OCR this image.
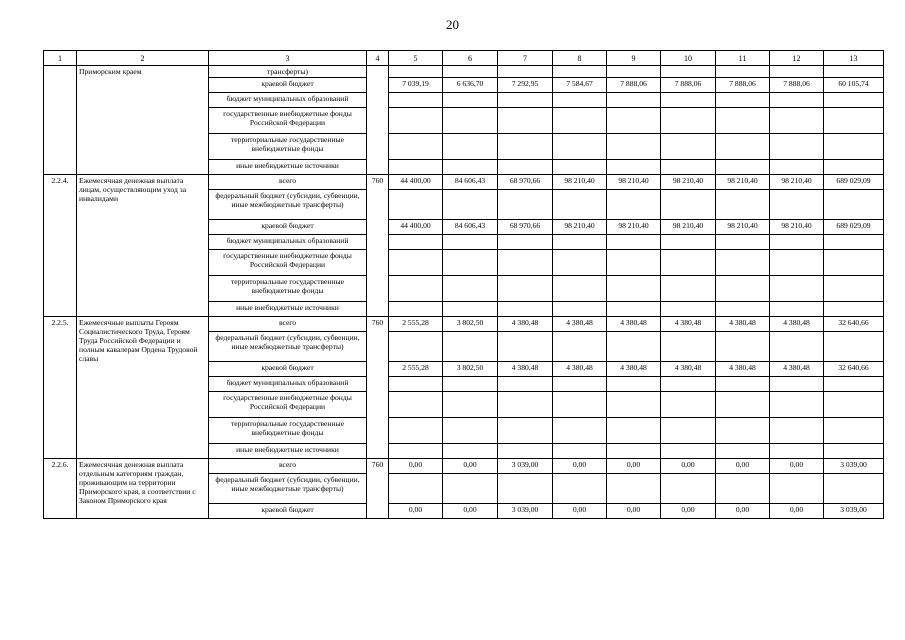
20
1	2	3	4	5	6	7	8	9	10	11	12	13
	Приморским краем	трансферты)										
		краевой бюджет		7 039,19	6 636,70	7 292,95	7 584,67	7 888,06	7 888,06	7 888,06	7 888,06	60 105,74
		бюджет муниципальных образований										
		государственные внебюджетные фонды Российской Федерации										
		территориальные государственные внебюджетные фонды										
		иные внебюджетные источники										
2.2.4.	Ежемесячная денежная выплата лицам, осуществляющим уход за инвалидами	всего	760	44 400,00	84 606,43	68 970,66	98 210,40	98 210,40	98 210,40	98 210,40	98 210,40	689 029,09
		федеральный бюджет (субсидии, субвенции, иные межбюджетные трансферты)										
		краевой бюджет		44 400,00	84 606,43	68 970,66	98 210,40	98 210,40	98 210,40	98 210,40	98 210,40	689 029,09
		бюджет муниципальных образований										
		государственные внебюджетные фонды Российской Федерации										
		территориальные государственные внебюджетные фонды										
		иные внебюджетные источники										
2.2.5.	Ежемесячные выплаты Героям Социалистического Труда, Героям Труда Российской Федерации и полным кавалерам Ордена Трудовой славы	всего	760	2 555,28	3 802,50	4 380,48	4 380,48	4 380,48	4 380,48	4 380,48	4 380,48	32 640,66
		федеральный бюджет (субсидии, субвенции, иные межбюджетные трансферты)										
		краевой бюджет		2 555,28	3 802,50	4 380,48	4 380,48	4 380,48	4 380,48	4 380,48	4 380,48	32 640,66
		бюджет муниципальных образований										
		государственные внебюджетные фонды Российской Федерации										
		территориальные государственные внебюджетные фонды										
		иные внебюджетные источники										
2.2.6.	Ежемесячная денежная выплата отдельным категориям граждан, проживающим на территории Приморского края, в соответствии с Законом Приморского края	всего	760	0,00	0,00	3 039,00	0,00	0,00	0,00	0,00	0,00	3 039,00
		федеральный бюджет (субсидии, субвенции, иные межбюджетные трансферты)										
		краевой бюджет		0,00	0,00	3 039,00	0,00	0,00	0,00	0,00	0,00	3 039,00
